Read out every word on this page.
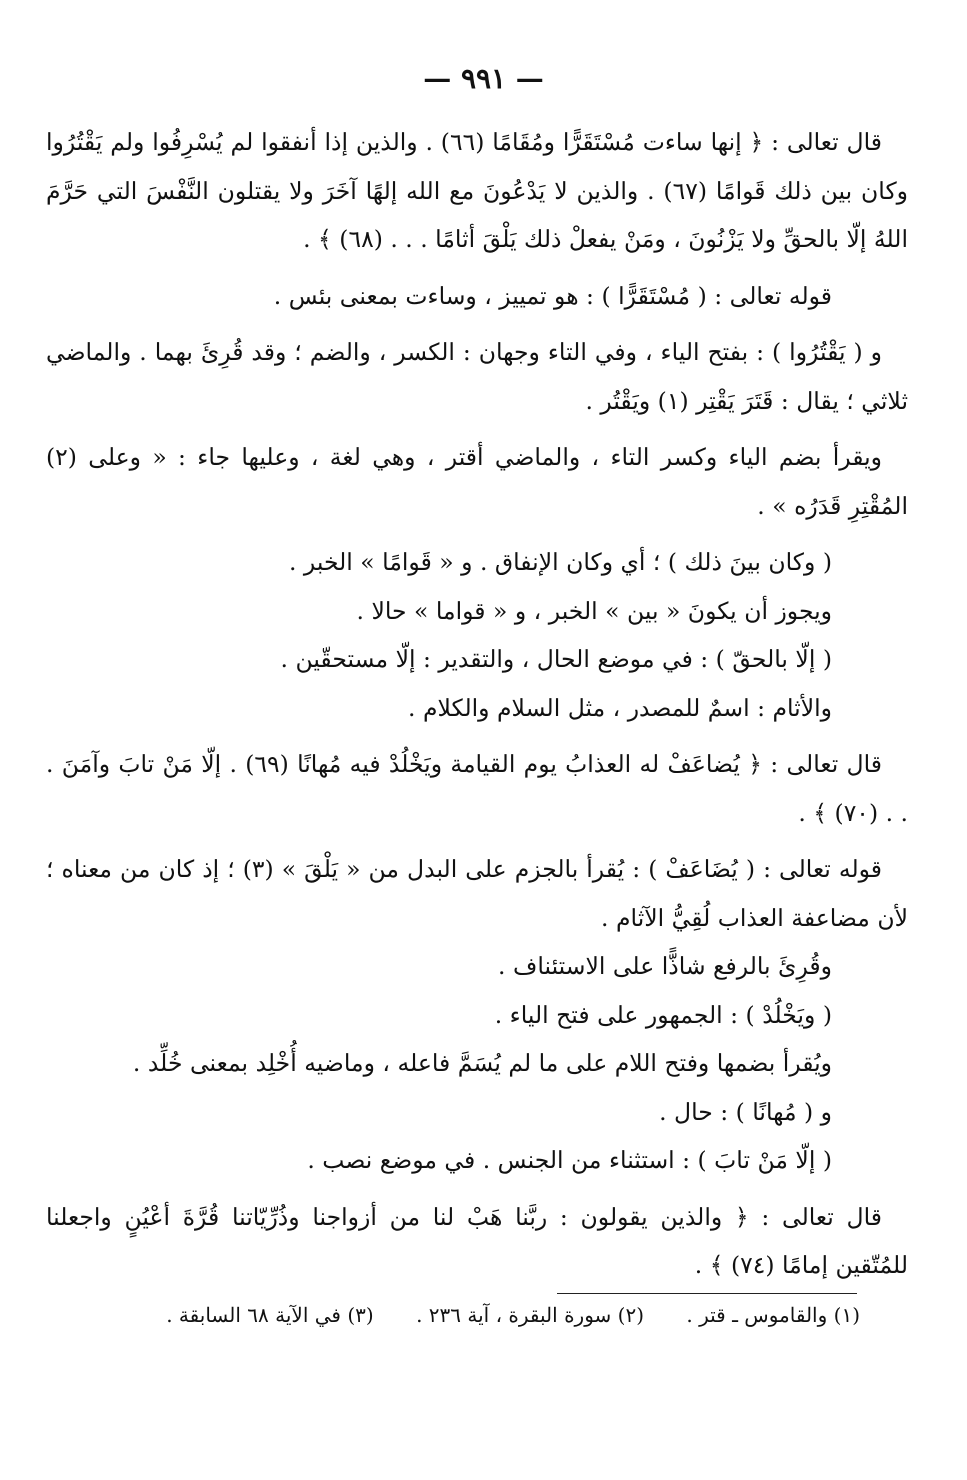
— ٩٩١ —

قال تعالى : ﴿ إنها ساءت مُسْتَقَرًّا ومُقَامًا (٦٦) . والذين إذا أنفقوا لم يُسْرِفُوا ولم يَقْتُرُوا وكان بين ذلك قَوامًا (٦٧) . والذين لا يَدْعُونَ مع الله إلهًا آخَرَ ولا يقتلون النَّفْسَ التي حَرَّمَ اللهُ إلّا بالحقِّ ولا يَزْنُونَ ، ومَنْ يفعلْ ذلك يَلْقَ أثامًا . . . (٦٨) ﴾ .

قوله تعالى : ( مُسْتَقَرًّا ) : هو تمييز ، وساءت بمعنى بئس .

و ( يَقْتُرُوا ) : بفتح الياء ، وفي التاء وجهان : الكسر ، والضم ؛ وقد قُرِئَ بهما . والماضي ثلاثي ؛ يقال : قَتَرَ يَقْتِر (١) ويَقْتُر .

ويقرأ بضم الياء وكسر التاء ، والماضي أقتر ، وهي لغة ، وعليها جاء : « وعلى (٢) المُقْتِرِ قَدَرُه » .

( وكان بينَ ذلك ) ؛ أي وكان الإنفاق . و « قَوامًا » الخبر .

ويجوز أن يكونَ « بين » الخبر ، و « قواما » حالا .

( إلّا بالحقّ ) : في موضع الحال ، والتقدير : إلّا مستحقّين .

والأثام : اسمٌ للمصدر ، مثل السلام والكلام .

قال تعالى : ﴿ يُضاعَفْ له العذابُ يوم القيامة ويَخْلُدْ فيه مُهانًا (٦٩) . إلّا مَنْ تابَ وآمَنَ . . . (٧٠) ﴾ .

قوله تعالى : ( يُضَاعَفْ ) : يُقرأ بالجزم على البدل من « يَلْقَ » (٣) ؛ إذ كان من معناه ؛ لأن مضاعفة العذاب لُقِيُّ الآثام .

وقُرِئَ بالرفع شاذًّا على الاستئناف .

( ويَخْلُدْ ) : الجمهور على فتح الياء .

ويُقرأ بضمها وفتح اللام على ما لم يُسَمَّ فاعله ، وماضيه أُخْلِد بمعنى خُلِّد .

و ( مُهانًا ) : حال .

( إلّا مَنْ تابَ ) : استثناء من الجنس . في موضع نصب .

قال تعالى : ﴿ والذين يقولون : ربَّنا هَبْ لنا من أزواجنا وذُرِّيّاتنا قُرَّةَ أعْيُنٍ واجعلنا للمُتّقين إمامًا (٧٤) ﴾ .

(١) والقاموس ـ قتر . (٢) سورة البقرة ، آية ٢٣٦ . (٣) في الآية ٦٨ السابقة .
